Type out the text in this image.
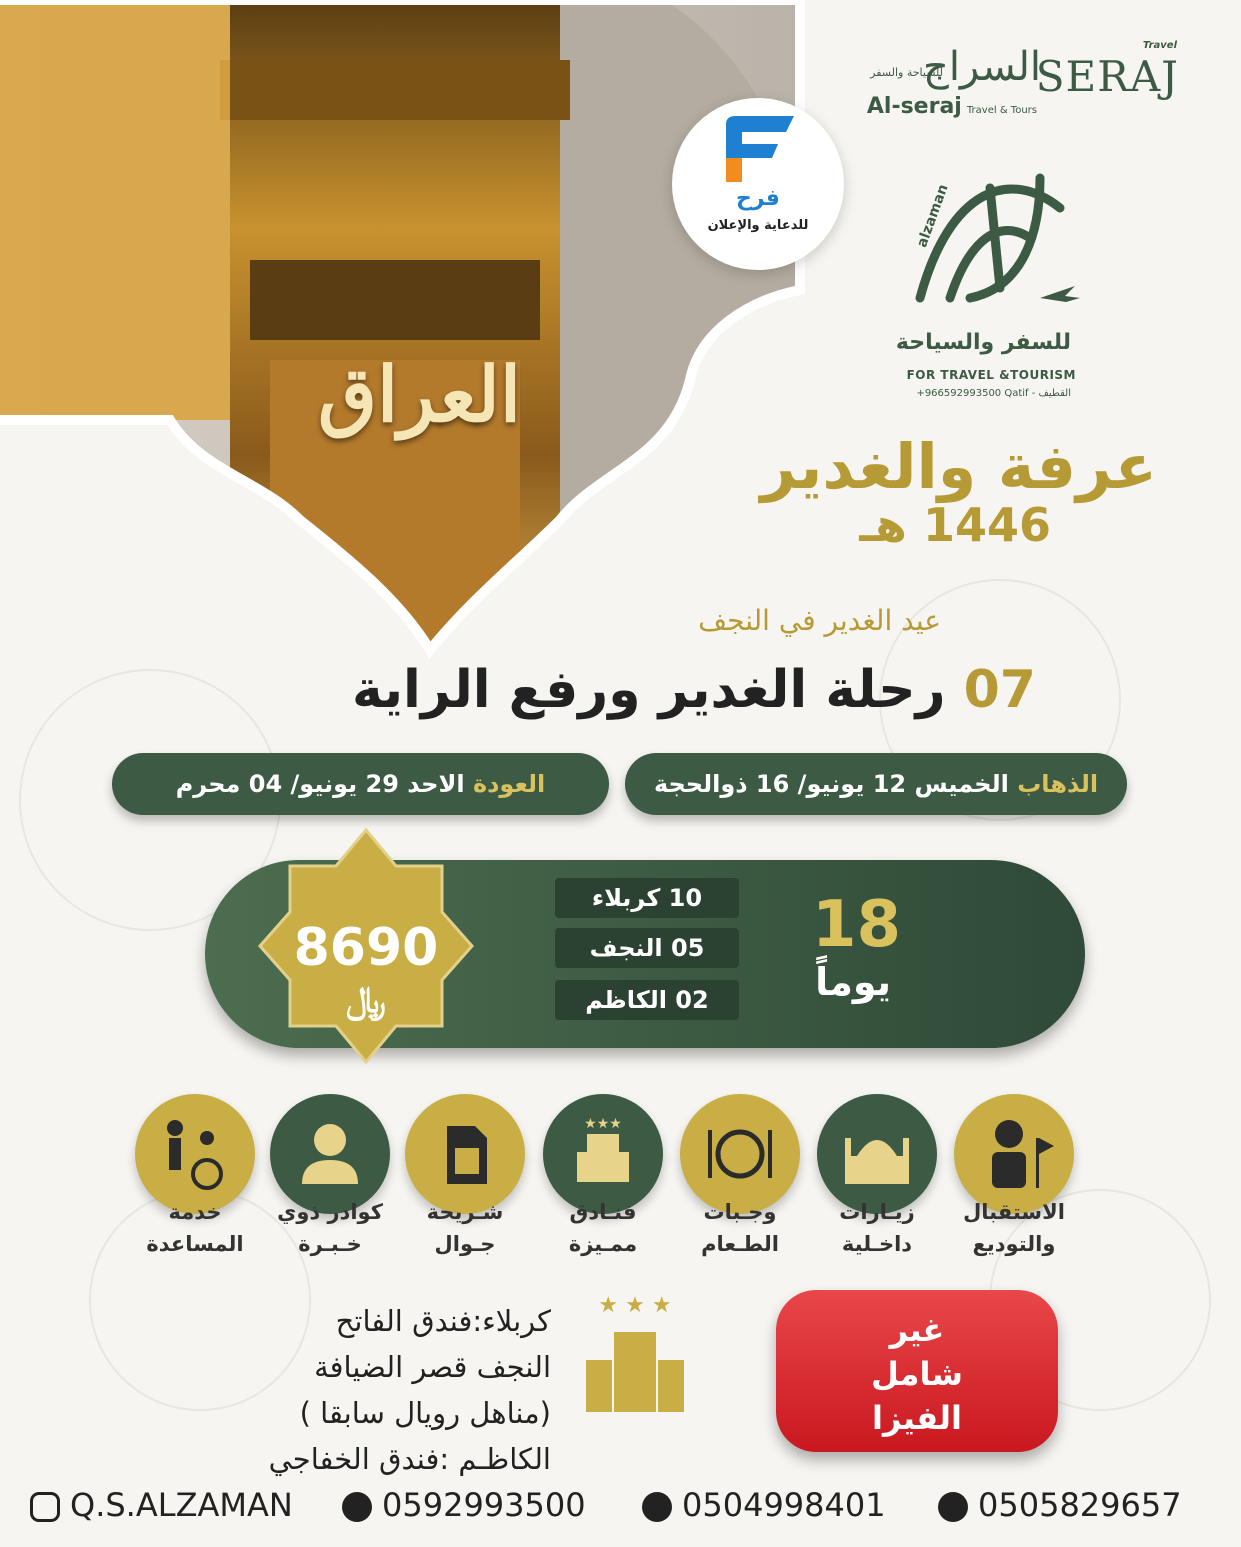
العراق
Travel
SERAJ
السراج
للسياحة والسفر
Al-seraj Travel & Tours
فرح
للدعاية والإعلان	alzaman
للسفر والسياحة
FOR TRAVEL &TOURISM
+966592993500 Qatif - القطيف
عرفة والغدير
1446 هـ
عيد الغدير في النجف
07 رحلة الغدير ورفع الراية
الذهاب الخميس 12 يونيو/ 16 ذوالحجة
العودة الاحد 29 يونيو/ 04 محرم
18
يوماً
10 كربلاء
05 النجف
02 الكاظم
8690
﷼
★★★
الاستقبال
والتوديع
زيـارات
داخـلية
وجـبات
الطـعام
فنـادق
ممـيزة
شـريحة
جـوال
كوادر ذوي
خـبـرة
خدمة
المساعدة
★ ★ ★
كربلاء:فندق الفاتح
النجف قصر الضيافة
(مناهل رويال سابقا )
الكاظـم :فندق الخفاجي
غير
شامل
الفيزا
Q.S.ALZAMAN	0592993500	0504998401	0505829657
